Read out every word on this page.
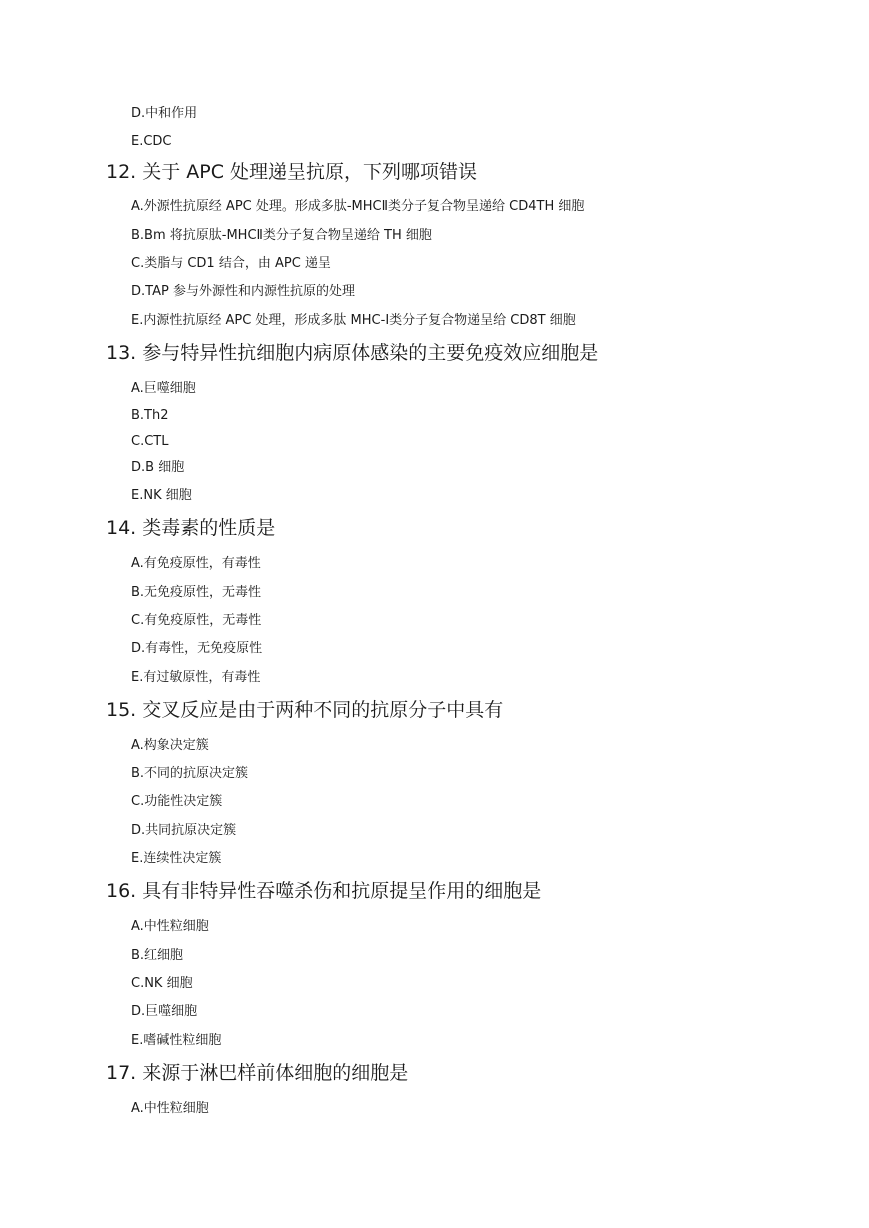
D.中和作用
E.CDC
12. 关于 APC 处理递呈抗原，下列哪项错误
A.外源性抗原经 APC 处理。形成多肽-MHCⅡ类分子复合物呈递给 CD4TH 细胞
B.Bm 将抗原肽-MHCⅡ类分子复合物呈递给 TH 细胞
C.类脂与 CD1 结合，由 APC 递呈
D.TAP 参与外源性和内源性抗原的处理
E.内源性抗原经 APC 处理，形成多肽 MHC-Ⅰ类分子复合物递呈给 CD8T 细胞
13. 参与特异性抗细胞内病原体感染的主要免疫效应细胞是
A.巨噬细胞
B.Th2
C.CTL
D.B 细胞
E.NK 细胞
14. 类毒素的性质是
A.有免疫原性，有毒性
B.无免疫原性，无毒性
C.有免疫原性，无毒性
D.有毒性，无免疫原性
E.有过敏原性，有毒性
15. 交叉反应是由于两种不同的抗原分子中具有
A.构象决定簇
B.不同的抗原决定簇
C.功能性决定簇
D.共同抗原决定簇
E.连续性决定簇
16. 具有非特异性吞噬杀伤和抗原提呈作用的细胞是
A.中性粒细胞
B.红细胞
C.NK 细胞
D.巨噬细胞
E.嗜碱性粒细胞
17. 来源于淋巴样前体细胞的细胞是
A.中性粒细胞
